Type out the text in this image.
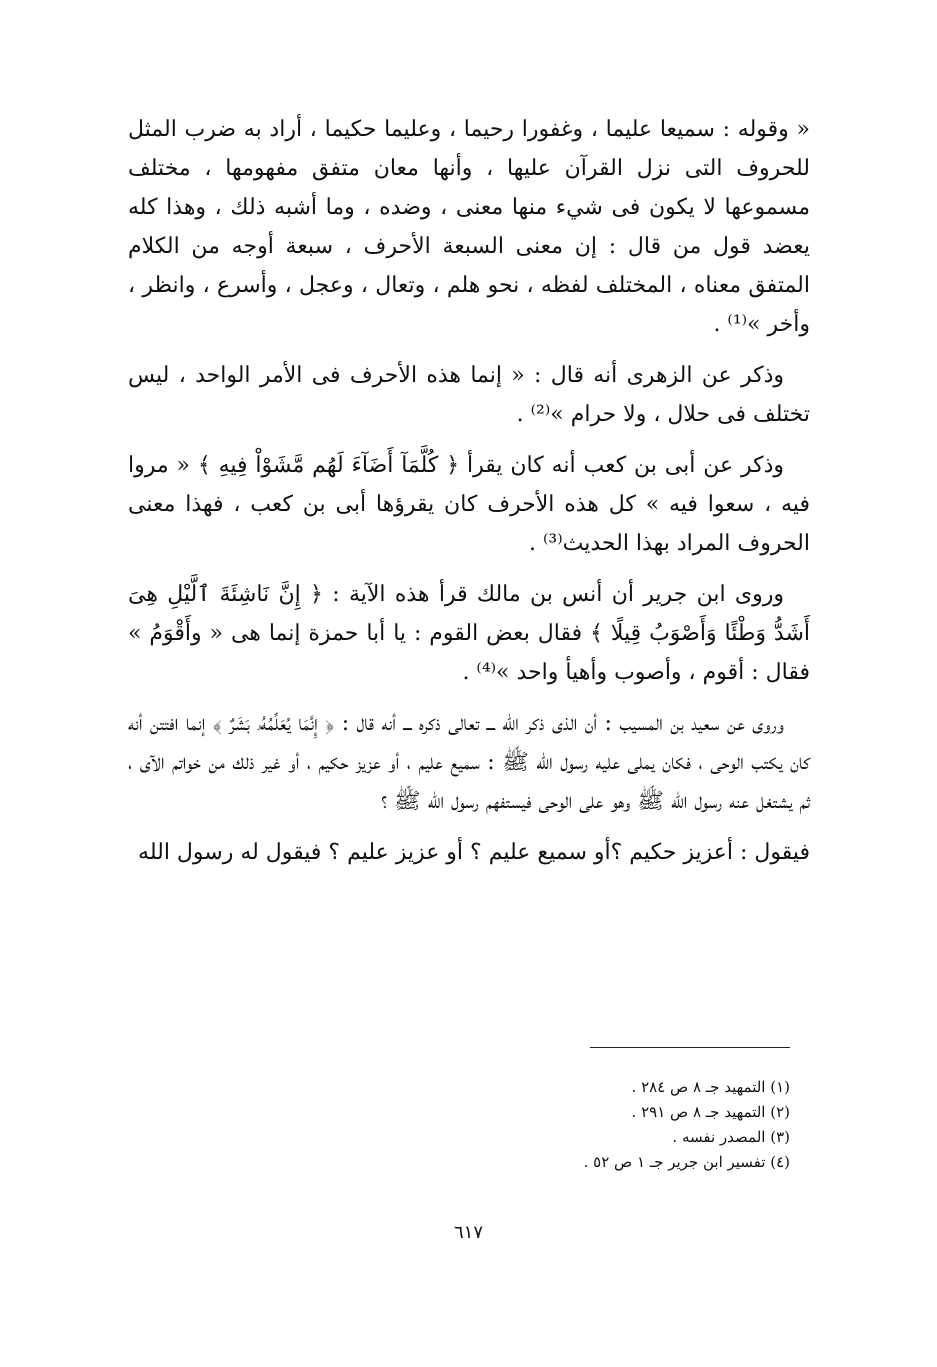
« وقوله : سميعا عليما ، وغفورا رحيما ، وعليما حكيما ، أراد به ضرب المثل للحروف التى نزل القرآن عليها ، وأنها معان متفق مفهومها ، مختلف مسموعها لا يكون فى شيء منها معنى ، وضده ، وما أشبه ذلك ، وهذا كله يعضد قول من قال : إن معنى السبعة الأحرف ، سبعة أوجه من الكلام المتفق معناه ، المختلف لفظه ، نحو هلم ، وتعال ، وعجل ، وأسرع ، وانظر ، وأخر »⁽¹⁾ .

وذكر عن الزهرى أنه قال : « إنما هذه الأحرف فى الأمر الواحد ، ليس تختلف فى حلال ، ولا حرام »⁽²⁾ .

وذكر عن أبى بن كعب أنه كان يقرأ ﴿ كُلَّمَآ أَضَآءَ لَهُم مَّشَوْاْ فِيهِ ﴾ « مروا فيه ، سعوا فيه » كل هذه الأحرف كان يقرؤها أبى بن كعب ، فهذا معنى الحروف المراد بهذا الحديث⁽³⁾ .

وروى ابن جرير أن أنس بن مالك قرأ هذه الآية : ﴿ إِنَّ نَاشِئَةَ ٱلَّيْلِ هِىَ أَشَدُّ وَطْئًا وَأَصْوَبُ قِيلًا ﴾ فقال بعض القوم : يا أبا حمزة إنما هى « وأَقْوَمُ » فقال : أقوم ، وأصوب وأهيأ واحد »⁽⁴⁾ .

وروى عن سعيد بن المسيب : أن الذى ذكر الله ـــ تعالى ذكره ـــ أنه قال : ﴿ إِنَّمَا يُعَلِّمُهُۥ بَشَرٌ ﴾ إنما افتتن أنه كان يكتب الوحى ، فكان يملى عليه رسول الله ﷺ : سميع عليم ، أو عزيز حكيم ، أو غير ذلك من خواتم الآى ، ثم يشتغل عنه رسول الله ﷺ وهو على الوحى فيستفهم رسول الله ﷺ ؟

فيقول : أعزيز حكيم ؟أو سميع عليم ؟ أو عزيز عليم ؟ فيقول له رسول الله

(١) التمهيد جـ ٨ ص ٢٨٤ .

(٢) التمهيد جـ ٨ ص ٢٩١ .

(٣) المصدر نفسه .

(٤) تفسير ابن جرير جـ ١ ص ٥٢ .

٦١٧
